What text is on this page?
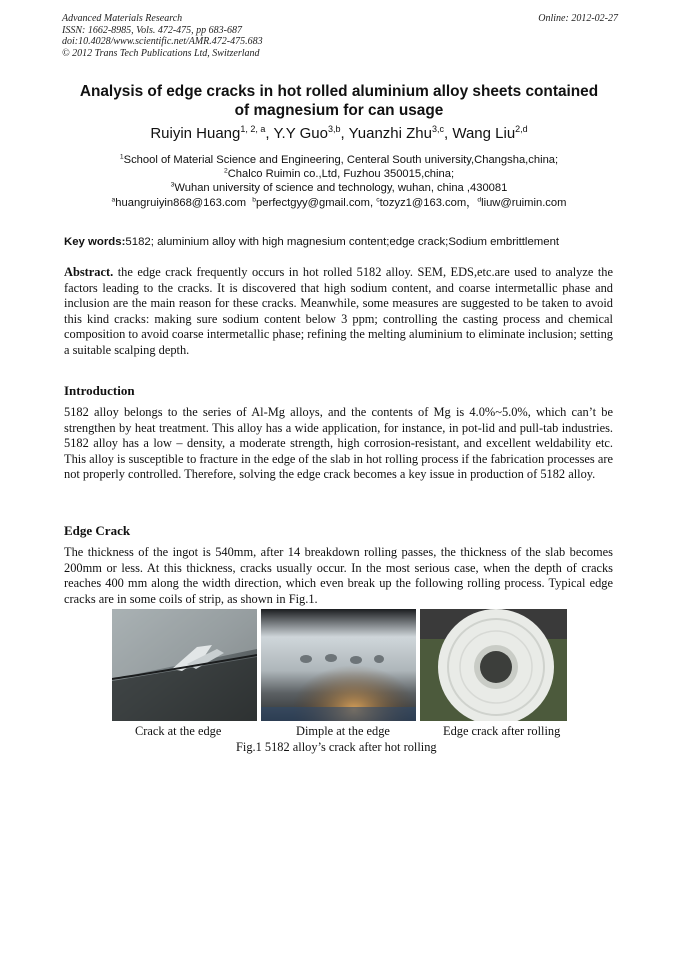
Advanced Materials Research
ISSN: 1662-8985, Vols. 472-475, pp 683-687
doi:10.4028/www.scientific.net/AMR.472-475.683
© 2012 Trans Tech Publications Ltd, Switzerland
Online: 2012-02-27
Analysis of edge cracks in hot rolled aluminium alloy sheets contained
of magnesium for can usage
Ruiyin Huang$^{1, 2, a}$, Y.Y Guo$^{3,b}$, Yuanzhi Zhu$^{3,c}$, Wang Liu$^{2,d}$
$^1$School of Material Science and Engineering, Centeral South university,Changsha,china;
$^2$Chalco Ruimin co.,Ltd, Fuzhou 350015,china;
$^3$Wuhan university of science and technology, wuhan, china ,430081
$^a$huangruiyin868@163.com $^b$perfectgyy@gmail.com, $^c$tozyz1@163.com，$^d$liuw@ruimin.com
Key words:5182; aluminium alloy with high magnesium content;edge crack;Sodium embrittlement
Abstract. the edge crack frequently occurs in hot rolled 5182 alloy. SEM, EDS,etc.are used to analyze the factors leading to the cracks. It is discovered that high sodium content, and coarse intermetallic phase and inclusion are the main reason for these cracks. Meanwhile, some measures are suggested to be taken to avoid this kind cracks: making sure sodium content below 3 ppm; controlling the casting process and chemical composition to avoid coarse intermetallic phase; refining the melting aluminium to eliminate inclusion; setting a suitable scalping depth.
Introduction
5182 alloy belongs to the series of Al-Mg alloys, and the contents of Mg is 4.0%~5.0%, which can’t be strengthen by heat treatment. This alloy has a wide application, for instance, in pot-lid and pull-tab industries. 5182 alloy has a low – density, a moderate strength, high corrosion-resistant, and excellent weldability etc. This alloy is susceptible to fracture in the edge of the slab in hot rolling process if the fabrication processes are not properly controlled. Therefore, solving the edge crack becomes a key issue in production of 5182 alloy.
Edge Crack
The thickness of the ingot is 540mm, after 14 breakdown rolling passes, the thickness of the slab becomes 200mm or less. At this thickness, cracks usually occur. In the most serious case, when the depth of cracks reaches 400 mm along the width direction, which even break up the following rolling process. Typical edge cracks are in some coils of strip, as shown in Fig.1.
Crack at the edge	Dimple at the edge	Edge crack after rolling
Fig.1 5182 alloy’s crack after hot rolling
